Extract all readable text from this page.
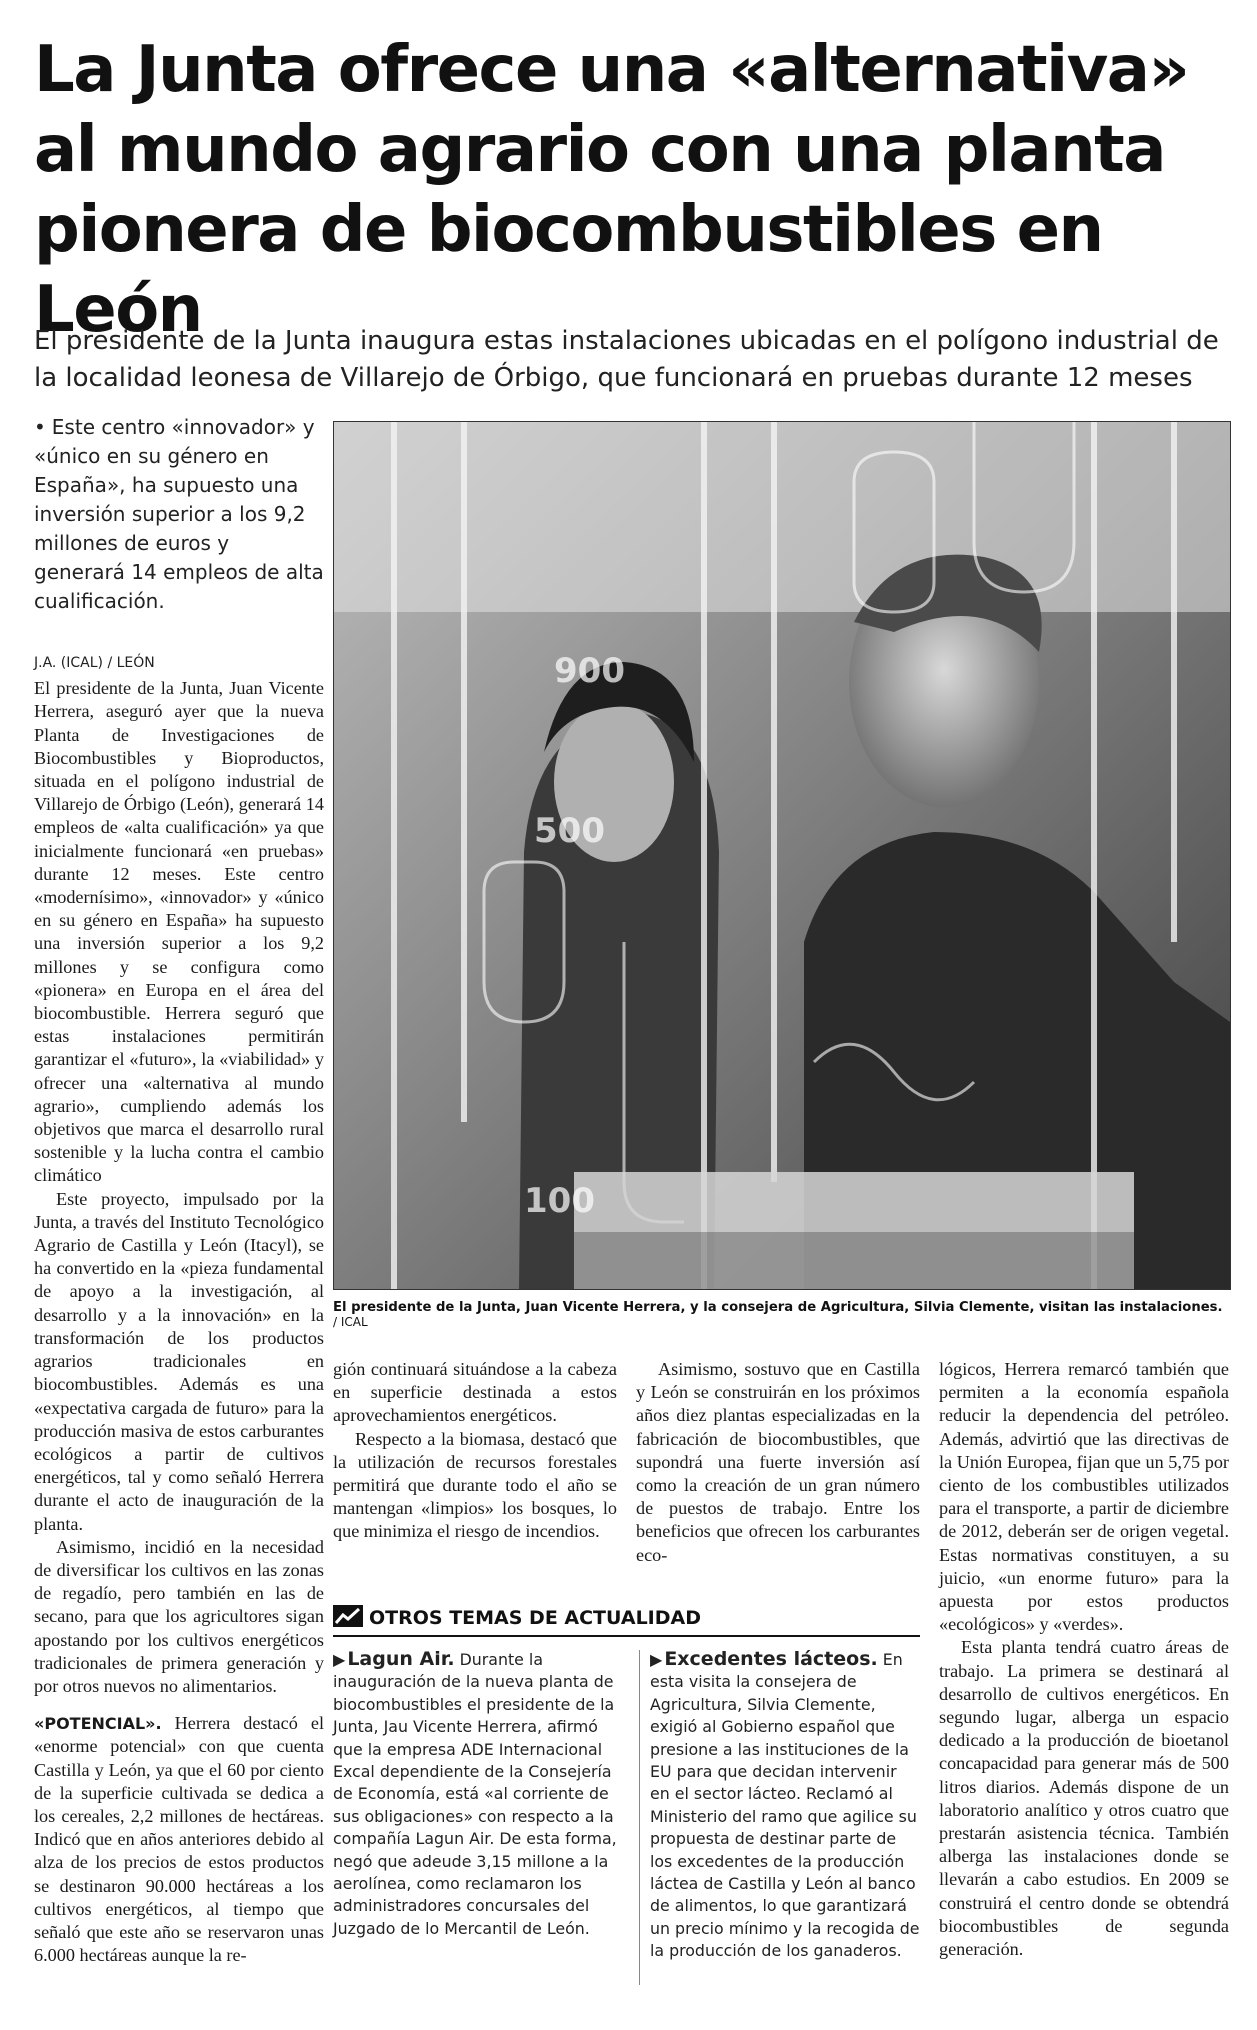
La Junta ofrece una «alternativa» al mundo agrario con una planta pionera de biocombustibles en León

El presidente de la Junta inaugura estas instalaciones ubicadas en el polígono industrial de la localidad leonesa de Villarejo de Órbigo, que funcionará en pruebas durante 12 meses

• Este centro «innovador» y «único en su género en España», ha supuesto una inversión superior a los 9,2 millones de euros y generará 14 empleos de alta cualificación.

J.A. (ICAL) / LEÓN

El presidente de la Junta, Juan Vicente Herrera, aseguró ayer que la nueva Planta de Investigaciones de Biocombustibles y Bioproductos, situada en el polígono industrial de Villarejo de Órbigo (León), generará 14 empleos de «alta cualificación» ya que inicialmente funcionará «en pruebas» durante 12 meses. Este centro «modernísimo», «innovador» y «único en su género en España» ha supuesto una inversión superior a los 9,2 millones y se configura como «pionera» en Europa en el área del biocombustible. Herrera seguró que estas instalaciones permitirán garantizar el «futuro», la «viabilidad» y ofrecer una «alternativa al mundo agrario», cumpliendo además los objetivos que marca el desarrollo rural sostenible y la lucha contra el cambio climático

Este proyecto, impulsado por la Junta, a través del Instituto Tecnológico Agrario de Castilla y León (Itacyl), se ha convertido en la «pieza fundamental de apoyo a la investigación, al desarrollo y a la innovación» en la transformación de los productos agrarios tradicionales en biocombustibles. Además es una «expectativa cargada de futuro» para la producción masiva de estos carburantes ecológicos a partir de cultivos energéticos, tal y como señaló Herrera durante el acto de inauguración de la planta.

Asimismo, incidió en la necesidad de diversificar los cultivos en las zonas de regadío, pero también en las de secano, para que los agricultores sigan apostando por los cultivos energéticos tradicionales de primera generación y por otros nuevos no alimentarios.

«POTENCIAL». Herrera destacó el «enorme potencial» con que cuenta Castilla y León, ya que el 60 por ciento de la superficie cultivada se dedica a los cereales, 2,2 millones de hectáreas. Indicó que en años anteriores debido al alza de los precios de estos productos se destinaron 90.000 hectáreas a los cultivos energéticos, al tiempo que señaló que este año se reservaron unas 6.000 hectáreas aunque la re-

900
500
100

El presidente de la Junta, Juan Vicente Herrera, y la consejera de Agricultura, Silvia Clemente, visitan las instalaciones. / ICAL

gión continuará situándose a la cabeza en superficie destinada a estos aprovechamientos energéticos.

Respecto a la biomasa, destacó que la utilización de recursos forestales permitirá que durante todo el año se mantengan «limpios» los bosques, lo que minimiza el riesgo de incendios.

Asimismo, sostuvo que en Castilla y León se construirán en los próximos años diez plantas especializadas en la fabricación de biocombustibles, que supondrá una fuerte inversión así como la creación de un gran número de puestos de trabajo. Entre los beneficios que ofrecen los carburantes eco-

lógicos, Herrera remarcó también que permiten a la economía española reducir la dependencia del petróleo. Además, advirtió que las directivas de la Unión Europea, fijan que un 5,75 por ciento de los combustibles utilizados para el transporte, a partir de diciembre de 2012, deberán ser de origen vegetal. Estas normativas constituyen, a su juicio, «un enorme futuro» para la apuesta por estos productos «ecológicos» y «verdes».

Esta planta tendrá cuatro áreas de trabajo. La primera se destinará al desarrollo de cultivos energéticos. En segundo lugar, alberga un espacio dedicado a la producción de bioetanol concapacidad para generar más de 500 litros diarios. Además dispone de un laboratorio analítico y otros cuatro que prestarán asistencia técnica. También alberga las instalaciones donde se llevarán a cabo estudios. En 2009 se construirá el centro donde se obtendrá biocombustibles de segunda generación.

OTROS TEMAS DE ACTUALIDAD

▶ Lagun Air. Durante la inauguración de la nueva planta de biocombustibles el presidente de la Junta, Jau Vicente Herrera, afirmó que la empresa ADE Internacional Excal dependiente de la Consejería de Economía, está «al corriente de sus obligaciones» con respecto a la compañía Lagun Air. De esta forma, negó que adeude 3,15 millone a la aerolínea, como reclamaron los administradores concursales del Juzgado de lo Mercantil de León.

▶ Excedentes lácteos. En esta visita la consejera de Agricultura, Silvia Clemente, exigió al Gobierno español que presione a las instituciones de la EU para que decidan intervenir en el sector lácteo. Reclamó al Ministerio del ramo que agilice su propuesta de destinar parte de los excedentes de la producción láctea de Castilla y León al banco de alimentos, lo que garantizará un precio mínimo y la recogida de la producción de los ganaderos.
